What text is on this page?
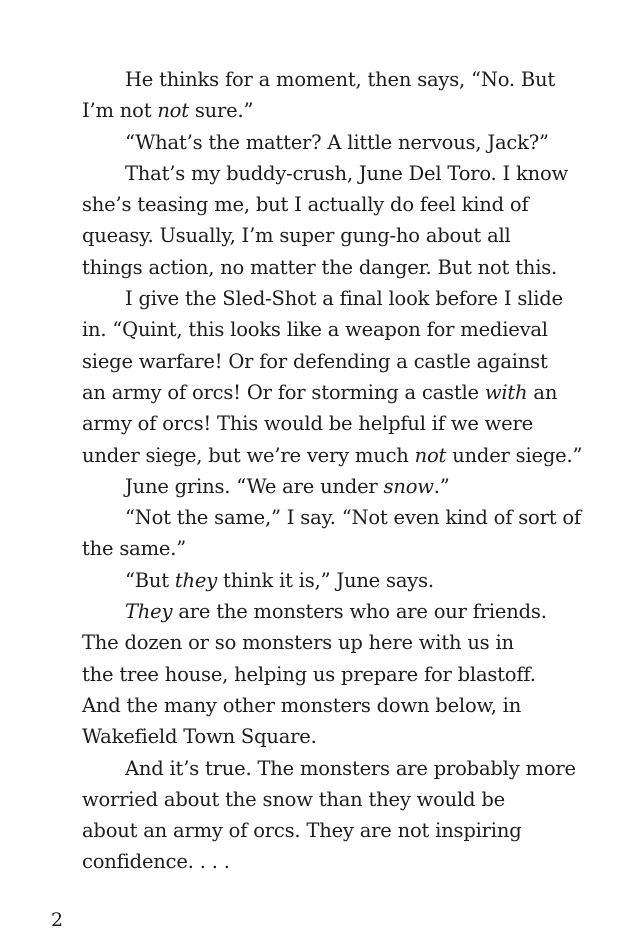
He thinks for a moment, then says, “No. But
I’m not not sure.”

“What’s the matter? A little nervous, Jack?”

That’s my buddy-crush, June Del Toro. I know
she’s teasing me, but I actually do feel kind of
queasy. Usually, I’m super gung-ho about all
things action, no matter the danger. But not this.

I give the Sled-Shot a final look before I slide
in. “Quint, this looks like a weapon for medieval
siege warfare! Or for defending a castle against
an army of orcs! Or for storming a castle with an
army of orcs! This would be helpful if we were
under siege, but we’re very much not under siege.”

June grins. “We are under snow.”

“Not the same,” I say. “Not even kind of sort of
the same.”

“But they think it is,” June says.

They are the monsters who are our friends.
The dozen or so monsters up here with us in
the tree house, helping us prepare for blastoff.
And the many other monsters down below, in
Wakefield Town Square.

And it’s true. The monsters are probably more
worried about the snow than they would be
about an army of orcs. They are not inspiring
confidence. . . .

2
